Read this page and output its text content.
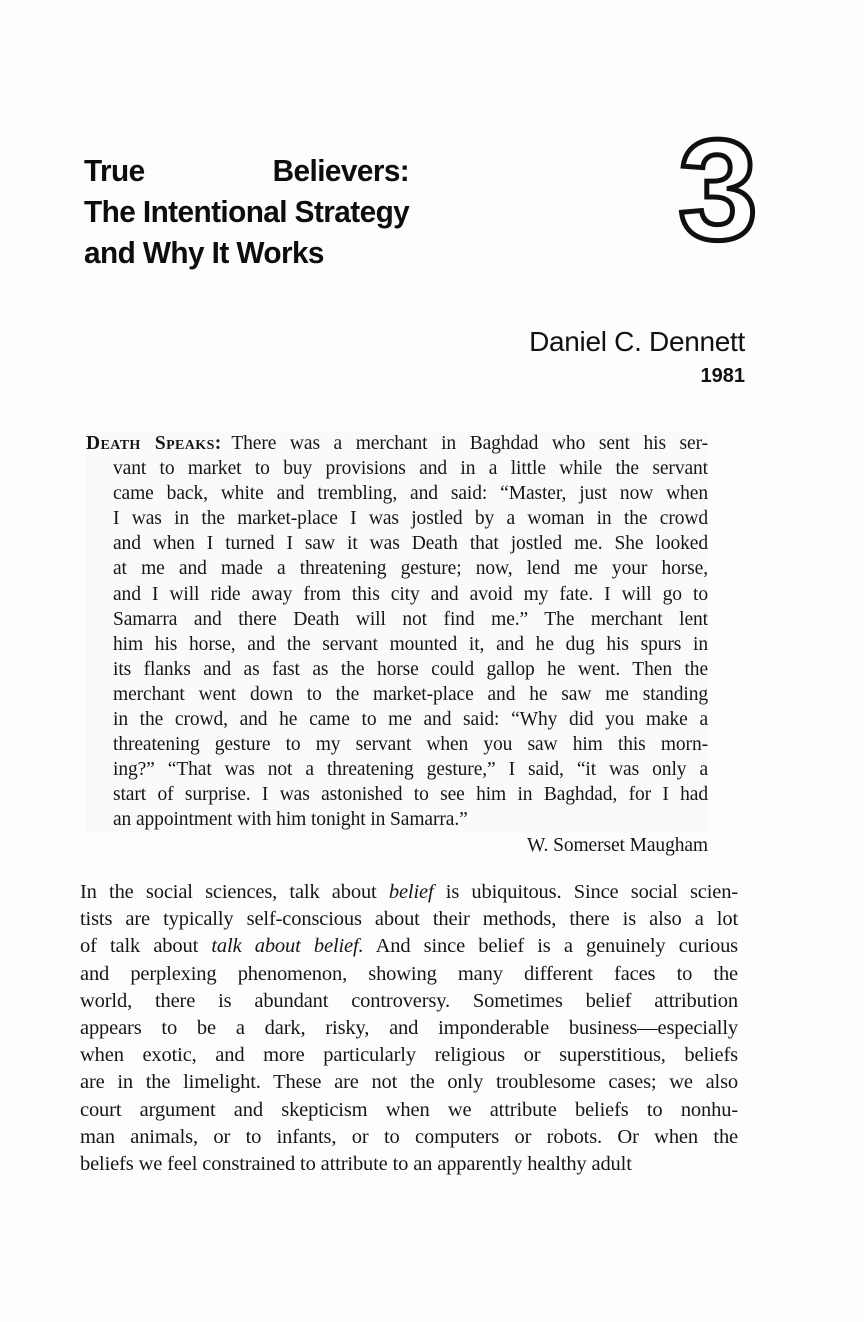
True Believers:
The Intentional Strategy
and Why It Works	3
Daniel C. Dennett
1981
Death Speaks: There was a merchant in Baghdad who sent his ser-
vant to market to buy provisions and in a little while the servant
came back, white and trembling, and said: “Master, just now when
I was in the market-place I was jostled by a woman in the crowd
and when I turned I saw it was Death that jostled me. She looked
at me and made a threatening gesture; now, lend me your horse,
and I will ride away from this city and avoid my fate. I will go to
Samarra and there Death will not find me.” The merchant lent
him his horse, and the servant mounted it, and he dug his spurs in
its flanks and as fast as the horse could gallop he went. Then the
merchant went down to the market-place and he saw me standing
in the crowd, and he came to me and said: “Why did you make a
threatening gesture to my servant when you saw him this morn-
ing?” “That was not a threatening gesture,” I said, “it was only a
start of surprise. I was astonished to see him in Baghdad, for I had
an appointment with him tonight in Samarra.”
W. Somerset Maugham
In the social sciences, talk about belief is ubiquitous. Since social scien-
tists are typically self-conscious about their methods, there is also a lot
of talk about talk about belief. And since belief is a genuinely curious
and perplexing phenomenon, showing many different faces to the
world, there is abundant controversy. Sometimes belief attribution
appears to be a dark, risky, and imponderable business—especially
when exotic, and more particularly religious or superstitious, beliefs
are in the limelight. These are not the only troublesome cases; we also
court argument and skepticism when we attribute beliefs to nonhu-
man animals, or to infants, or to computers or robots. Or when the
beliefs we feel constrained to attribute to an apparently healthy adult
